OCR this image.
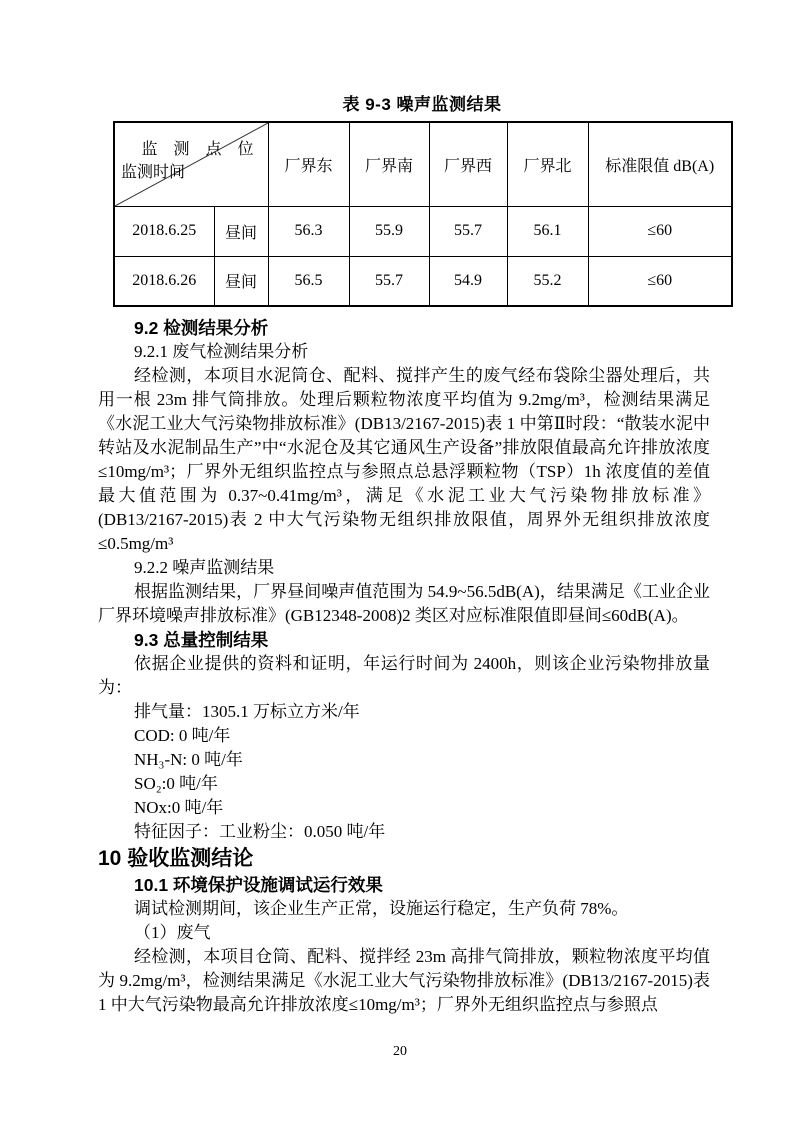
表 9-3 噪声监测结果
监 测 点 位
监测时间		厂界东	厂界南	厂界西	厂界北	标准限值 dB(A)
2018.6.25	昼间	56.3	55.9	55.7	56.1	≤60
2018.6.26	昼间	56.5	55.7	54.9	55.2	≤60
9.2 检测结果分析
9.2.1 废气检测结果分析
经检测，本项目水泥筒仓、配料、搅拌产生的废气经布袋除尘器处理后，共用一根 23m 排气筒排放。处理后颗粒物浓度平均值为 9.2mg/m³，检测结果满足《水泥工业大气污染物排放标准》(DB13/2167-2015)表 1 中第Ⅱ时段：“散装水泥中转站及水泥制品生产”中“水泥仓及其它通风生产设备”排放限值最高允许排放浓度≤10mg/m³；厂界外无组织监控点与参照点总悬浮颗粒物（TSP）1h 浓度值的差值最大值范围为 0.37~0.41mg/m³，满足《水泥工业大气污染物排放标准》(DB13/2167-2015)表 2 中大气污染物无组织排放限值，周界外无组织排放浓度≤0.5mg/m³
9.2.2 噪声监测结果
根据监测结果，厂界昼间噪声值范围为 54.9~56.5dB(A)，结果满足《工业企业厂界环境噪声排放标准》(GB12348-2008)2 类区对应标准限值即昼间≤60dB(A)。
9.3 总量控制结果
依据企业提供的资料和证明，年运行时间为 2400h，则该企业污染物排放量为：
排气量：1305.1 万标立方米/年
COD: 0 吨/年
NH₃-N: 0 吨/年
SO₂:0 吨/年
NOx:0 吨/年
特征因子：工业粉尘：0.050 吨/年
10 验收监测结论
10.1 环境保护设施调试运行效果
调试检测期间，该企业生产正常，设施运行稳定，生产负荷 78%。
（1）废气
经检测，本项目仓筒、配料、搅拌经 23m 高排气筒排放，颗粒物浓度平均值为 9.2mg/m³，检测结果满足《水泥工业大气污染物排放标准》(DB13/2167-2015)表 1 中大气污染物最高允许排放浓度≤10mg/m³；厂界外无组织监控点与参照点
20
